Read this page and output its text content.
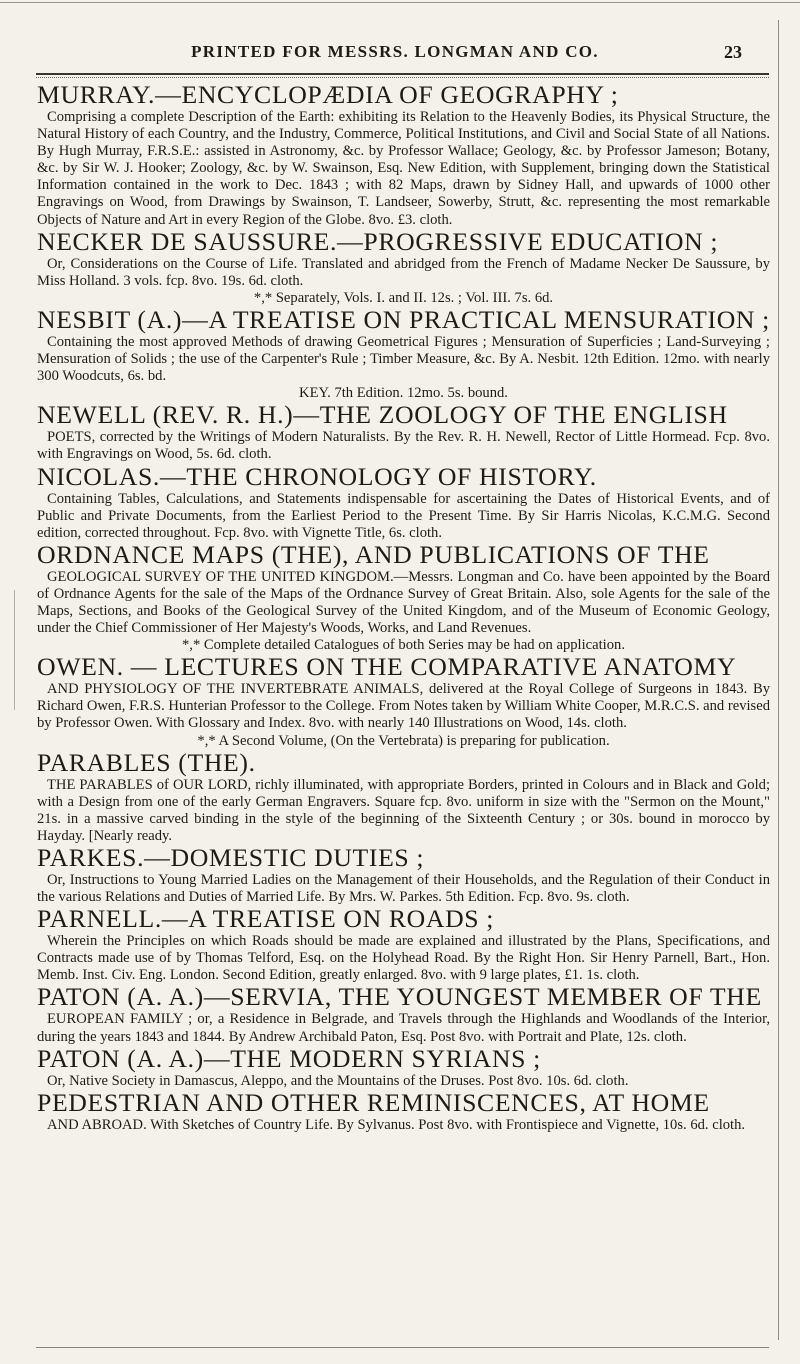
PRINTED FOR MESSRS. LONGMAN AND CO.	23
MURRAY.—ENCYCLOPÆDIA OF GEOGRAPHY ;

Comprising a complete Description of the Earth: exhibiting its Relation to the Heavenly Bodies, its Physical Structure, the Natural History of each Country, and the Industry, Commerce, Political Institutions, and Civil and Social State of all Nations. By Hugh Murray, F.R.S.E.: assisted in Astronomy, &c. by Professor Wallace; Geology, &c. by Professor Jameson; Botany, &c. by Sir W. J. Hooker; Zoology, &c. by W. Swainson, Esq. New Edition, with Supplement, bringing down the Statistical Information contained in the work to Dec. 1843 ; with 82 Maps, drawn by Sidney Hall, and upwards of 1000 other Engravings on Wood, from Drawings by Swainson, T. Landseer, Sowerby, Strutt, &c. representing the most remarkable Objects of Nature and Art in every Region of the Globe. 8vo. £3. cloth.

NECKER DE SAUSSURE.—PROGRESSIVE EDUCATION ;

Or, Considerations on the Course of Life. Translated and abridged from the French of Madame Necker De Saussure, by Miss Holland. 3 vols. fcp. 8vo. 19s. 6d. cloth.

*,* Separately, Vols. I. and II. 12s. ; Vol. III. 7s. 6d.

NESBIT (A.)—A TREATISE ON PRACTICAL MENSURATION ;

Containing the most approved Methods of drawing Geometrical Figures ; Mensuration of Superficies ; Land-Surveying ; Mensuration of Solids ; the use of the Carpenter's Rule ; Timber Measure, &c. By A. Nesbit. 12th Edition. 12mo. with nearly 300 Woodcuts, 6s. bd.

KEY. 7th Edition. 12mo. 5s. bound.

NEWELL (REV. R. H.)—THE ZOOLOGY OF THE ENGLISH

POETS, corrected by the Writings of Modern Naturalists. By the Rev. R. H. Newell, Rector of Little Hormead. Fcp. 8vo. with Engravings on Wood, 5s. 6d. cloth.

NICOLAS.—THE CHRONOLOGY OF HISTORY.

Containing Tables, Calculations, and Statements indispensable for ascertaining the Dates of Historical Events, and of Public and Private Documents, from the Earliest Period to the Present Time. By Sir Harris Nicolas, K.C.M.G. Second edition, corrected throughout. Fcp. 8vo. with Vignette Title, 6s. cloth.

ORDNANCE MAPS (THE), AND PUBLICATIONS OF THE

GEOLOGICAL SURVEY OF THE UNITED KINGDOM.—Messrs. Longman and Co. have been appointed by the Board of Ordnance Agents for the sale of the Maps of the Ordnance Survey of Great Britain. Also, sole Agents for the sale of the Maps, Sections, and Books of the Geological Survey of the United Kingdom, and of the Museum of Economic Geology, under the Chief Commissioner of Her Majesty's Woods, Works, and Land Revenues.

*,* Complete detailed Catalogues of both Series may be had on application.

OWEN. — LECTURES ON THE COMPARATIVE ANATOMY

AND PHYSIOLOGY OF THE INVERTEBRATE ANIMALS, delivered at the Royal College of Surgeons in 1843. By Richard Owen, F.R.S. Hunterian Professor to the College. From Notes taken by William White Cooper, M.R.C.S. and revised by Professor Owen. With Glossary and Index. 8vo. with nearly 140 Illustrations on Wood, 14s. cloth.

*,* A Second Volume, (On the Vertebrata) is preparing for publication.

PARABLES (THE).

THE PARABLES of OUR LORD, richly illuminated, with appropriate Borders, printed in Colours and in Black and Gold; with a Design from one of the early German Engravers. Square fcp. 8vo. uniform in size with the "Sermon on the Mount," 21s. in a massive carved binding in the style of the beginning of the Sixteenth Century ; or 30s. bound in morocco by Hayday. [Nearly ready.

PARKES.—DOMESTIC DUTIES ;

Or, Instructions to Young Married Ladies on the Management of their Households, and the Regulation of their Conduct in the various Relations and Duties of Married Life. By Mrs. W. Parkes. 5th Edition. Fcp. 8vo. 9s. cloth.

PARNELL.—A TREATISE ON ROADS ;

Wherein the Principles on which Roads should be made are explained and illustrated by the Plans, Specifications, and Contracts made use of by Thomas Telford, Esq. on the Holyhead Road. By the Right Hon. Sir Henry Parnell, Bart., Hon. Memb. Inst. Civ. Eng. London. Second Edition, greatly enlarged. 8vo. with 9 large plates, £1. 1s. cloth.

PATON (A. A.)—SERVIA, THE YOUNGEST MEMBER OF THE

EUROPEAN FAMILY ; or, a Residence in Belgrade, and Travels through the Highlands and Woodlands of the Interior, during the years 1843 and 1844. By Andrew Archibald Paton, Esq. Post 8vo. with Portrait and Plate, 12s. cloth.

PATON (A. A.)—THE MODERN SYRIANS ;

Or, Native Society in Damascus, Aleppo, and the Mountains of the Druses. Post 8vo. 10s. 6d. cloth.

PEDESTRIAN AND OTHER REMINISCENCES, AT HOME

AND ABROAD. With Sketches of Country Life. By Sylvanus. Post 8vo. with Frontispiece and Vignette, 10s. 6d. cloth.
